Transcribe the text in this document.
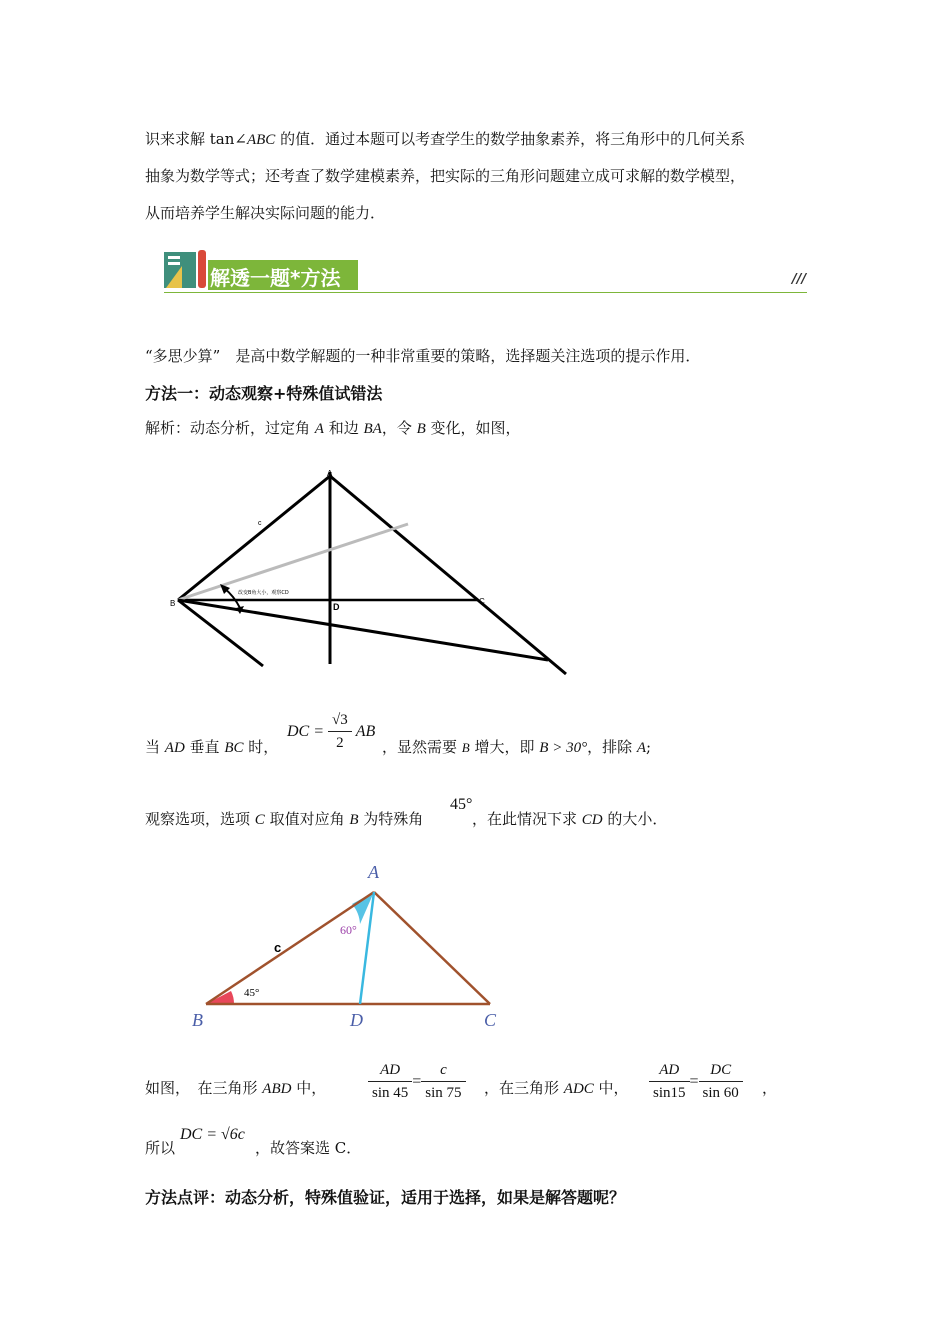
识来求解 tan∠ABC 的值．通过本题可以考查学生的数学抽象素养，将三角形中的几何关系
抽象为数学等式；还考查了数学建模素养，把实际的三角形问题建立成可求解的数学模型，
从而培养学生解决实际问题的能力．
解透一题*方法	///
“多思少算”　是高中数学解题的一种非常重要的策略，选择题关注选项的提示作用．
方法一：动态观察+特殊值试错法
解析：动态分析，过定角 A 和边 BA，令 B 变化，如图，
A
B	C
D
c
改变B角大小，观察CD
当 AD 垂直 BC 时，
DC = $\frac{√3}{2}$ AB
，显然需要 B 增大，即 B > 30°，排除 A;
观察选项，选项 C 取值对应角 B 为特殊角
45°
，在此情况下求 CD 的大小．
A
B	C
D
c
45°
60°
如图，　在三角形 ABD 中，	$\frac{AD}{\sin 45} = \frac{c}{\sin 75}$ ，在三角形 ADC 中， $\frac{AD}{\sin 15} = \frac{DC}{\sin 60}$ ，
所以
DC = √6c
，故答案选 C．
方法点评：动态分析，特殊值验证，适用于选择，如果是解答题呢？
